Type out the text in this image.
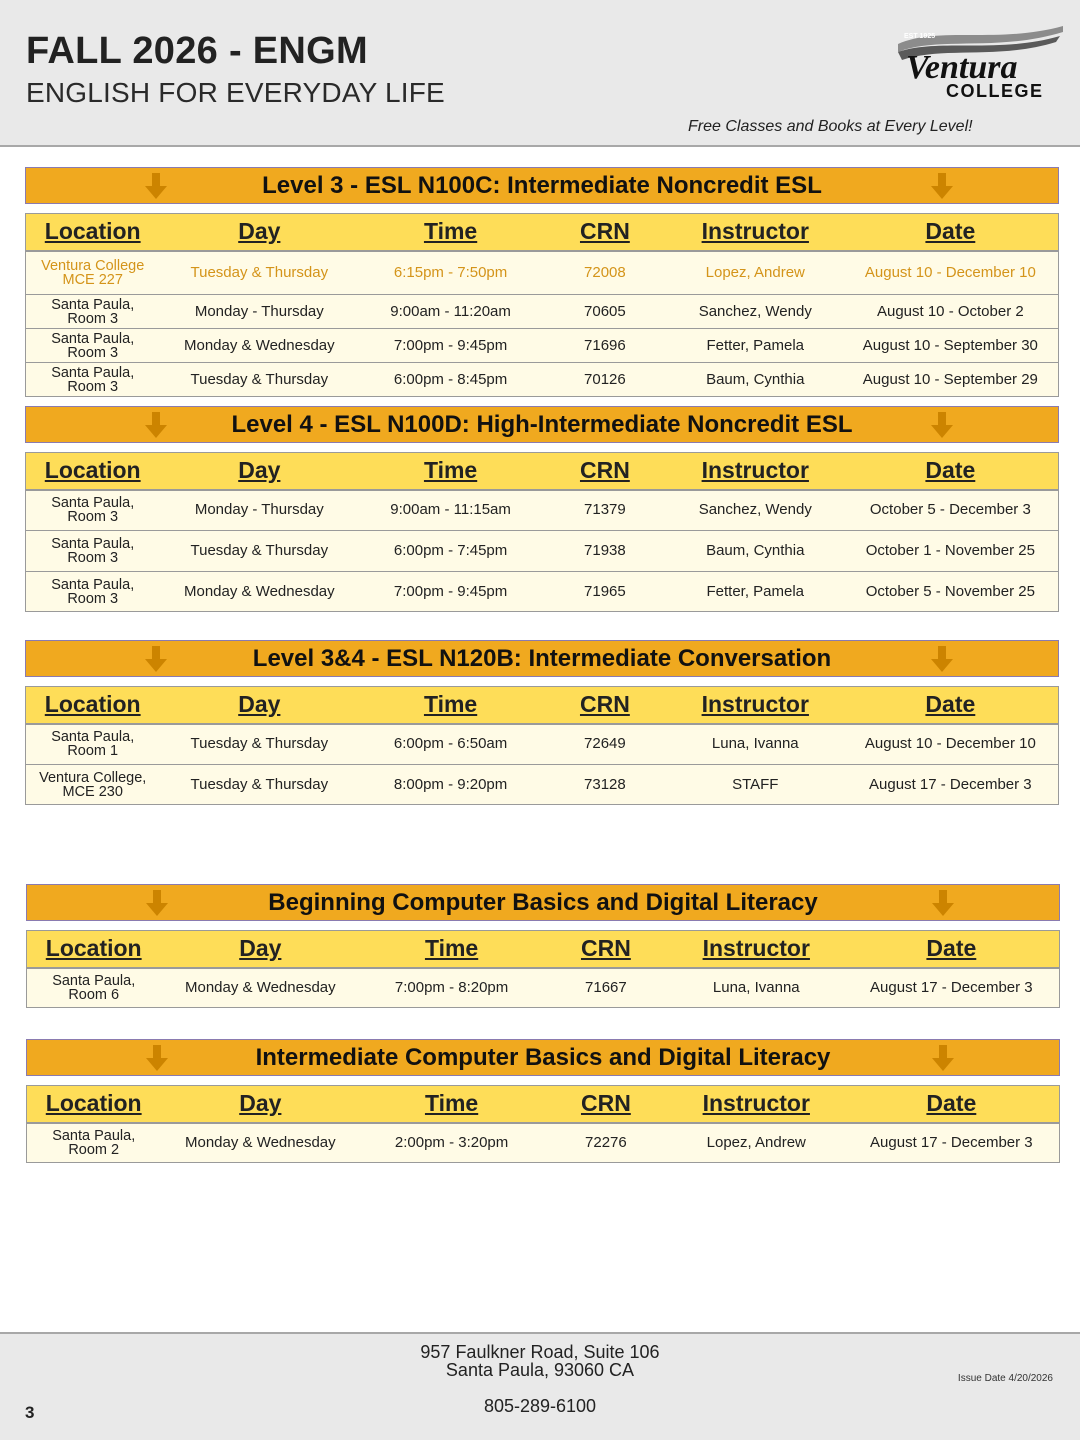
FALL 2026 - ENGM
ENGLISH FOR EVERYDAY LIFE
EST 1925
Ventura
COLLEGE
Free Classes and Books at Every Level!
Level 3 - ESL N100C: Intermediate Noncredit ESL
Location	Day	Time	CRN	Instructor	Date
Ventura College
MCE 227	Tuesday & Thursday	6:15pm - 7:50pm	72008	Lopez, Andrew	August 10 - December 10
Santa Paula,
Room 3	Monday - Thursday	9:00am - 11:20am	70605	Sanchez, Wendy	August 10 - October 2
Santa Paula,
Room 3	Monday & Wednesday	7:00pm - 9:45pm	71696	Fetter, Pamela	August 10 - September 30
Santa Paula,
Room 3	Tuesday & Thursday	6:00pm - 8:45pm	70126	Baum, Cynthia	August 10 - September 29
Level 4 - ESL N100D: High-Intermediate Noncredit ESL
Location	Day	Time	CRN	Instructor	Date
Santa Paula,
Room 3	Monday - Thursday	9:00am - 11:15am	71379	Sanchez, Wendy	October 5 - December 3
Santa Paula,
Room 3	Tuesday & Thursday	6:00pm - 7:45pm	71938	Baum, Cynthia	October 1 - November 25
Santa Paula,
Room 3	Monday & Wednesday	7:00pm - 9:45pm	71965	Fetter, Pamela	October 5 - November 25
Level 3&4 - ESL N120B: Intermediate Conversation
Location	Day	Time	CRN	Instructor	Date
Santa Paula,
Room 1	Tuesday & Thursday	6:00pm - 6:50am	72649	Luna, Ivanna	August 10 - December 10
Ventura College,
MCE 230	Tuesday & Thursday	8:00pm - 9:20pm	73128	STAFF	August 17 - December 3
Beginning Computer Basics and Digital Literacy
Location	Day	Time	CRN	Instructor	Date
Santa Paula,
Room 6	Monday & Wednesday	7:00pm - 8:20pm	71667	Luna, Ivanna	August 17 - December 3
Intermediate Computer Basics and Digital Literacy
Location	Day	Time	CRN	Instructor	Date
Santa Paula,
Room 2	Monday & Wednesday	2:00pm - 3:20pm	72276	Lopez, Andrew	August 17 - December 3
957 Faulkner Road, Suite 106
Santa Paula, 93060 CA
805-289-6100
3
Issue Date 4/20/2026
